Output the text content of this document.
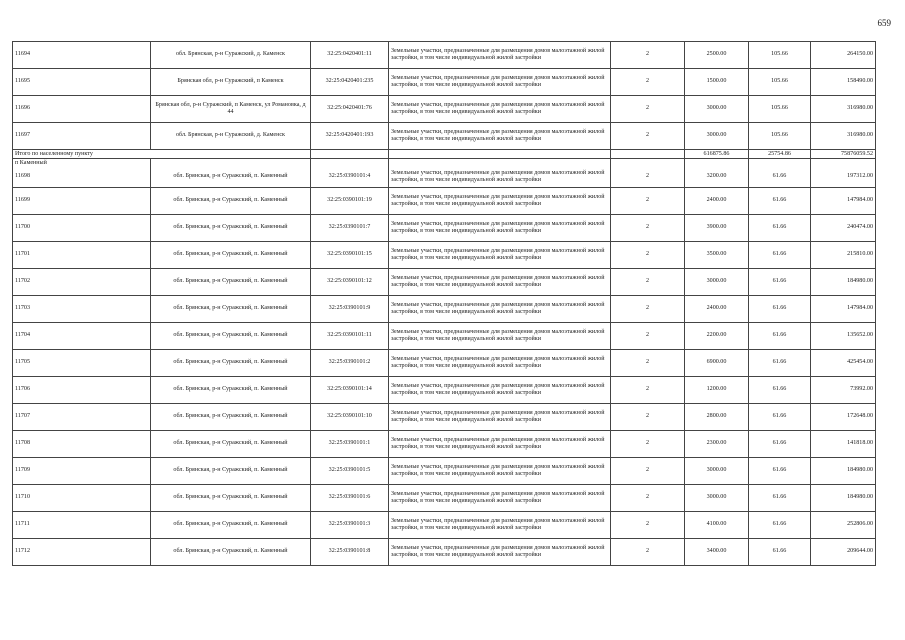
659
11694	обл. Брянская, р-н Суражский, д. Каменск	32:25:0420401:11	Земельные участки, предназначенные для размещения домов малоэтажной жилой застройки, в том числе индивидуальной жилой застройки	2	2500.00	105.66	264150.00
11695	Брянская обл, р-н Суражский, п Каменск	32:25:0420401:235	Земельные участки, предназначенные для размещения домов малоэтажной жилой застройки, в том числе индивидуальной жилой застройки	2	1500.00	105.66	158490.00
11696	Брянская обл, р-н Суражский, п Каменск, ул Романовка, д 44	32:25:0420401:76	Земельные участки, предназначенные для размещения домов малоэтажной жилой застройки, в том числе индивидуальной жилой застройки	2	3000.00	105.66	316980.00
11697	обл. Брянская, р-н Суражский, д. Каменск	32:25:0420401:193	Земельные участки, предназначенные для размещения домов малоэтажной жилой застройки, в том числе индивидуальной жилой застройки	2	3000.00	105.66	316980.00
Итого по населенному пункту					616875.86	25754.86	75876059.52
п Каменный							
11698	обл. Брянская, р-н Суражский, п. Каменный	32:25:0390101:4	Земельные участки, предназначенные для размещения домов малоэтажной жилой застройки, в том числе индивидуальной жилой застройки	2	3200.00	61.66	197312.00
11699	обл. Брянская, р-н Суражский, п. Каменный	32:25:0390101:19	Земельные участки, предназначенные для размещения домов малоэтажной жилой застройки, в том числе индивидуальной жилой застройки	2	2400.00	61.66	147984.00
11700	обл. Брянская, р-н Суражский, п. Каменный	32:25:0390101:7	Земельные участки, предназначенные для размещения домов малоэтажной жилой застройки, в том числе индивидуальной жилой застройки	2	3900.00	61.66	240474.00
11701	обл. Брянская, р-н Суражский, п. Каменный	32:25:0390101:15	Земельные участки, предназначенные для размещения домов малоэтажной жилой застройки, в том числе индивидуальной жилой застройки	2	3500.00	61.66	215810.00
11702	обл. Брянская, р-н Суражский, п. Каменный	32:25:0390101:12	Земельные участки, предназначенные для размещения домов малоэтажной жилой застройки, в том числе индивидуальной жилой застройки	2	3000.00	61.66	184980.00
11703	обл. Брянская, р-н Суражский, п. Каменный	32:25:0390101:9	Земельные участки, предназначенные для размещения домов малоэтажной жилой застройки, в том числе индивидуальной жилой застройки	2	2400.00	61.66	147984.00
11704	обл. Брянская, р-н Суражский, п. Каменный	32:25:0390101:11	Земельные участки, предназначенные для размещения домов малоэтажной жилой застройки, в том числе индивидуальной жилой застройки	2	2200.00	61.66	135652.00
11705	обл. Брянская, р-н Суражский, п. Каменный	32:25:0390101:2	Земельные участки, предназначенные для размещения домов малоэтажной жилой застройки, в том числе индивидуальной жилой застройки	2	6900.00	61.66	425454.00
11706	обл. Брянская, р-н Суражский, п. Каменный	32:25:0390101:14	Земельные участки, предназначенные для размещения домов малоэтажной жилой застройки, в том числе индивидуальной жилой застройки	2	1200.00	61.66	73992.00
11707	обл. Брянская, р-н Суражский, п. Каменный	32:25:0390101:10	Земельные участки, предназначенные для размещения домов малоэтажной жилой застройки, в том числе индивидуальной жилой застройки	2	2800.00	61.66	172648.00
11708	обл. Брянская, р-н Суражский, п. Каменный	32:25:0390101:1	Земельные участки, предназначенные для размещения домов малоэтажной жилой застройки, в том числе индивидуальной жилой застройки	2	2300.00	61.66	141818.00
11709	обл. Брянская, р-н Суражский, п. Каменный	32:25:0390101:5	Земельные участки, предназначенные для размещения домов малоэтажной жилой застройки, в том числе индивидуальной жилой застройки	2	3000.00	61.66	184980.00
11710	обл. Брянская, р-н Суражский, п. Каменный	32:25:0390101:6	Земельные участки, предназначенные для размещения домов малоэтажной жилой застройки, в том числе индивидуальной жилой застройки	2	3000.00	61.66	184980.00
11711	обл. Брянская, р-н Суражский, п. Каменный	32:25:0390101:3	Земельные участки, предназначенные для размещения домов малоэтажной жилой застройки, в том числе индивидуальной жилой застройки	2	4100.00	61.66	252806.00
11712	обл. Брянская, р-н Суражский, п. Каменный	32:25:0390101:8	Земельные участки, предназначенные для размещения домов малоэтажной жилой застройки, в том числе индивидуальной жилой застройки	2	3400.00	61.66	209644.00
